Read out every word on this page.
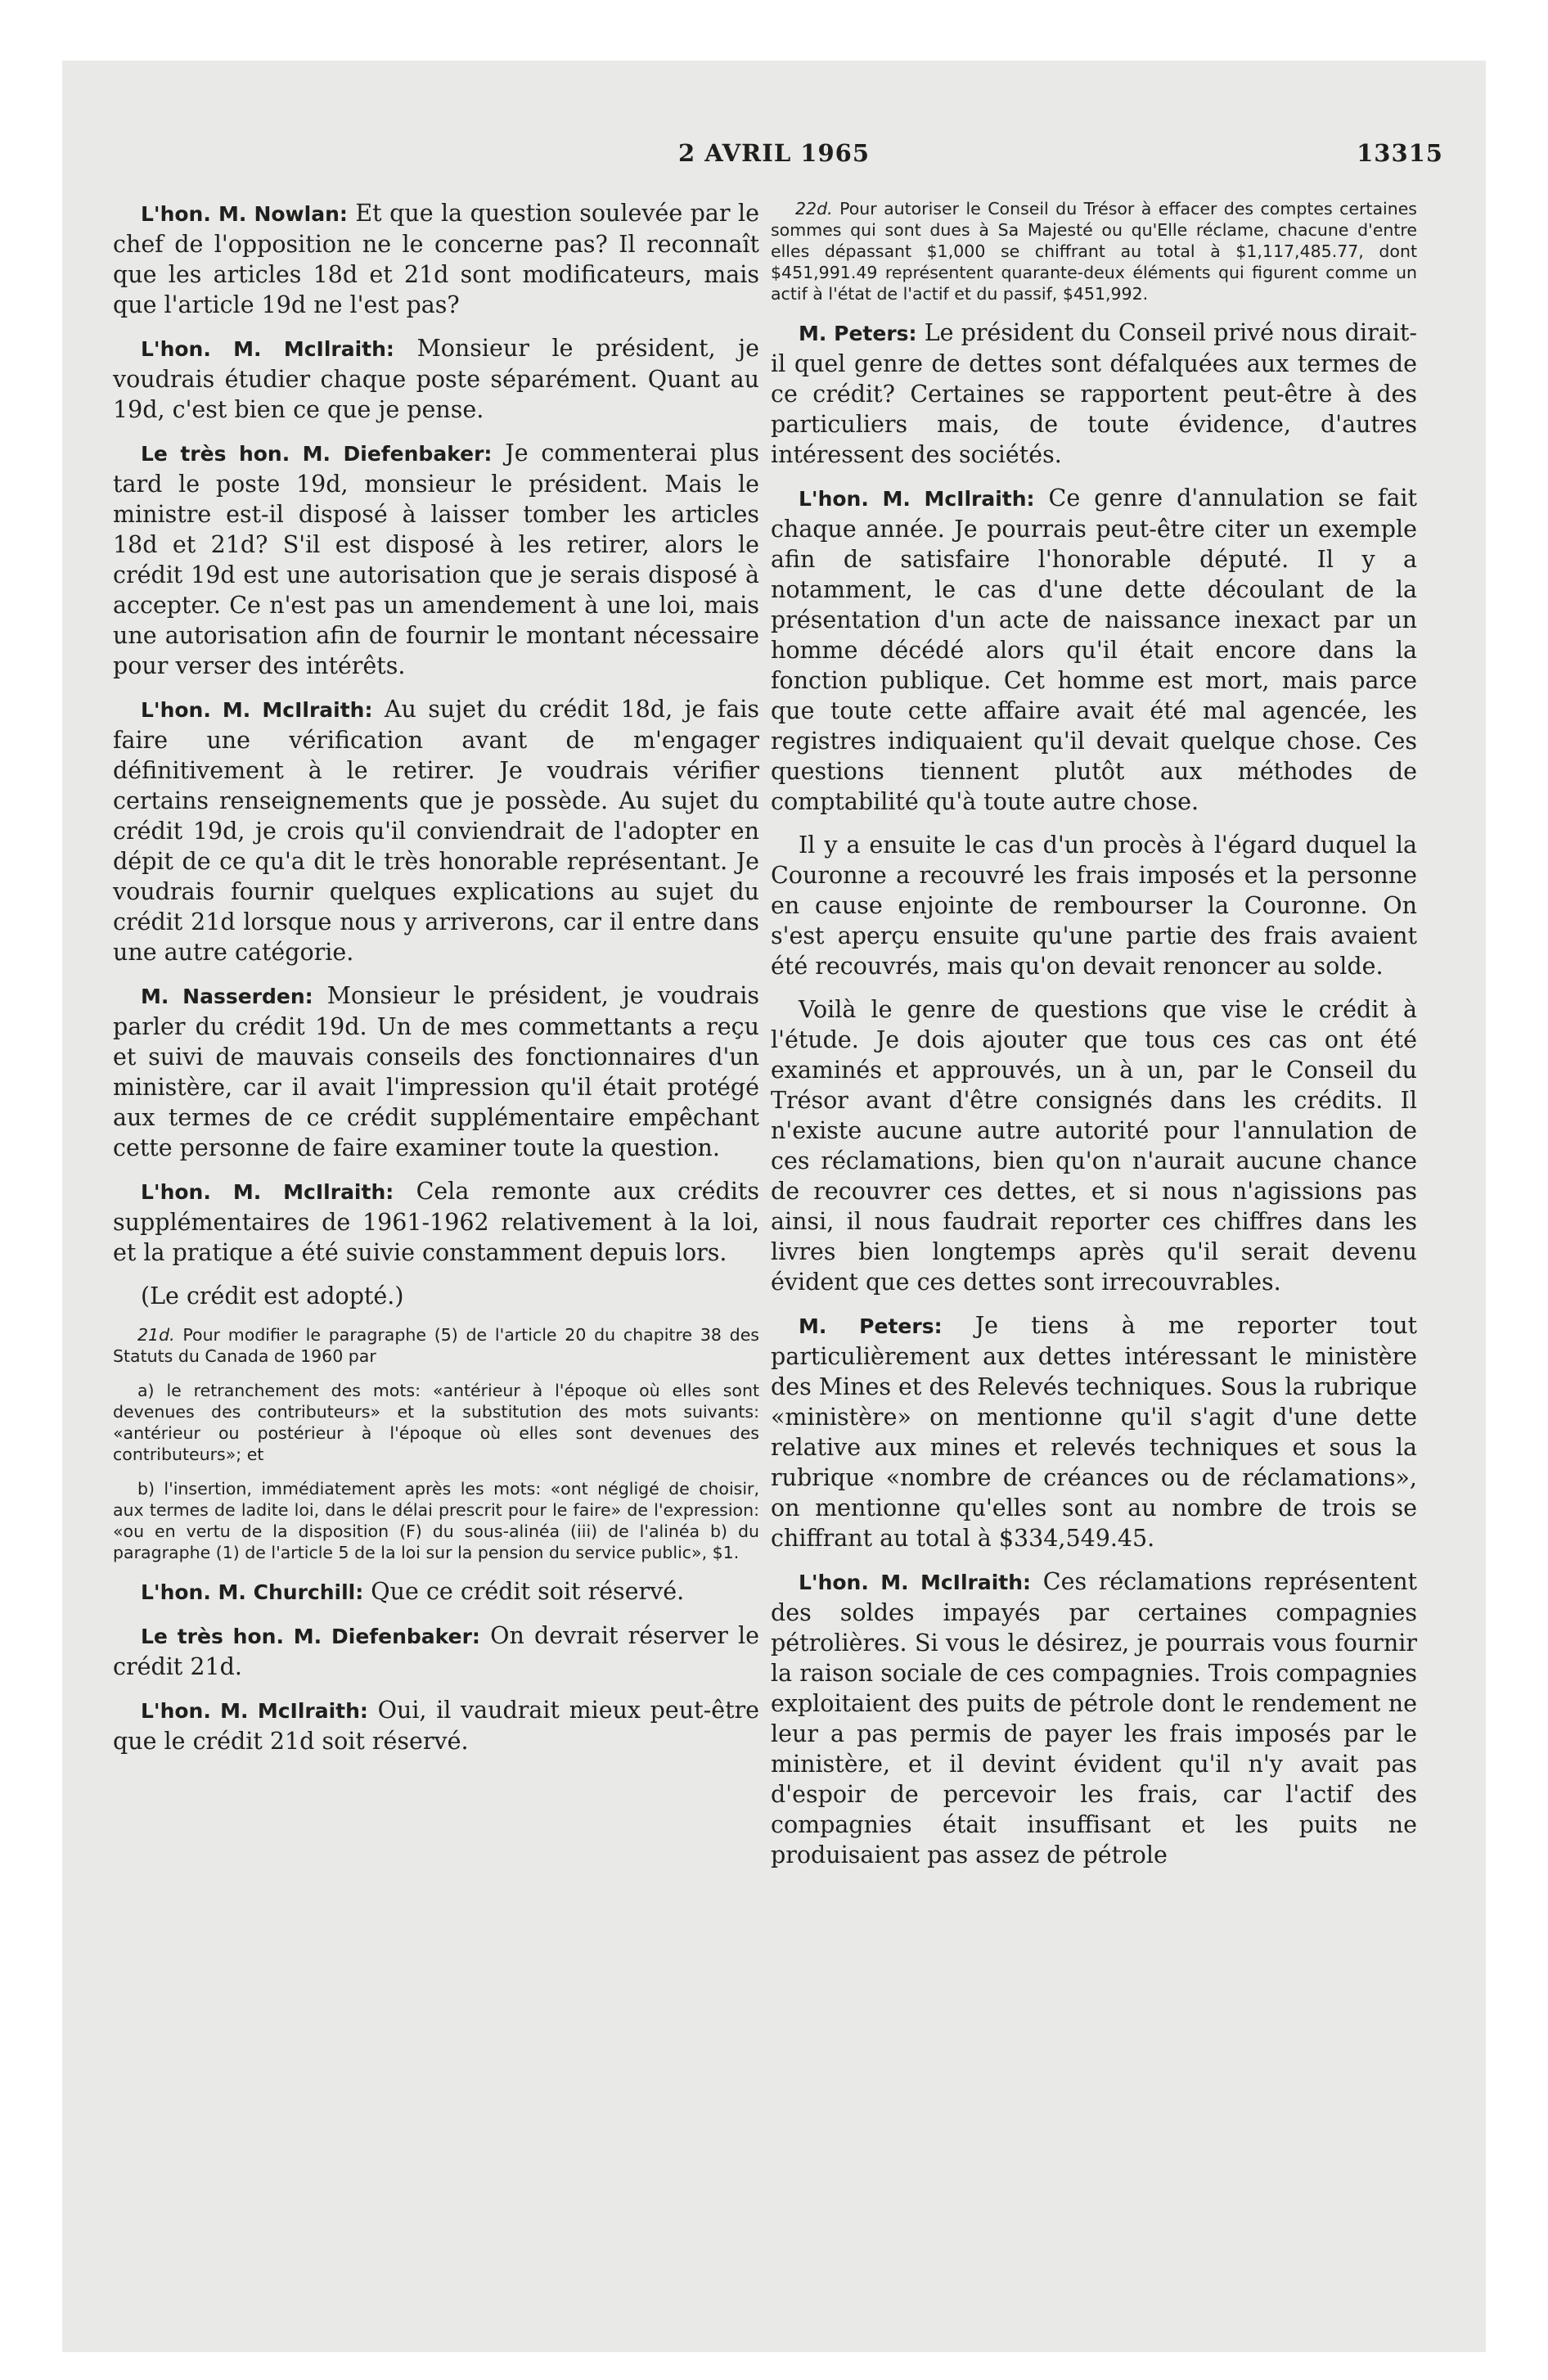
2 AVRIL 1965	13315

L'hon. M. Nowlan: Et que la question soulevée par le chef de l'opposition ne le concerne pas? Il reconnaît que les articles 18d et 21d sont modificateurs, mais que l'article 19d ne l'est pas?

L'hon. M. McIlraith: Monsieur le président, je voudrais étudier chaque poste séparément. Quant au 19d, c'est bien ce que je pense.

Le très hon. M. Diefenbaker: Je commenterai plus tard le poste 19d, monsieur le président. Mais le ministre est-il disposé à laisser tomber les articles 18d et 21d? S'il est disposé à les retirer, alors le crédit 19d est une autorisation que je serais disposé à accepter. Ce n'est pas un amendement à une loi, mais une autorisation afin de fournir le montant nécessaire pour verser des intérêts.

L'hon. M. McIlraith: Au sujet du crédit 18d, je fais faire une vérification avant de m'engager définitivement à le retirer. Je voudrais vérifier certains renseignements que je possède. Au sujet du crédit 19d, je crois qu'il conviendrait de l'adopter en dépit de ce qu'a dit le très honorable représentant. Je voudrais fournir quelques explications au sujet du crédit 21d lorsque nous y arriverons, car il entre dans une autre catégorie.

M. Nasserden: Monsieur le président, je voudrais parler du crédit 19d. Un de mes commettants a reçu et suivi de mauvais conseils des fonctionnaires d'un ministère, car il avait l'impression qu'il était protégé aux termes de ce crédit supplémentaire empêchant cette personne de faire examiner toute la question.

L'hon. M. McIlraith: Cela remonte aux crédits supplémentaires de 1961-1962 relativement à la loi, et la pratique a été suivie constamment depuis lors.

(Le crédit est adopté.)

21d. Pour modifier le paragraphe (5) de l'article 20 du chapitre 38 des Statuts du Canada de 1960 par

a) le retranchement des mots: «antérieur à l'époque où elles sont devenues des contributeurs» et la substitution des mots suivants: «antérieur ou postérieur à l'époque où elles sont devenues des contributeurs»; et

b) l'insertion, immédiatement après les mots: «ont négligé de choisir, aux termes de ladite loi, dans le délai prescrit pour le faire» de l'expression: «ou en vertu de la disposition (F) du sous-alinéa (iii) de l'alinéa b) du paragraphe (1) de l'article 5 de la loi sur la pension du service public», $1.

L'hon. M. Churchill: Que ce crédit soit réservé.

Le très hon. M. Diefenbaker: On devrait réserver le crédit 21d.

L'hon. M. McIlraith: Oui, il vaudrait mieux peut-être que le crédit 21d soit réservé.

22d. Pour autoriser le Conseil du Trésor à effacer des comptes certaines sommes qui sont dues à Sa Majesté ou qu'Elle réclame, chacune d'entre elles dépassant $1,000 se chiffrant au total à $1,117,485.77, dont $451,991.49 représentent quarante-deux éléments qui figurent comme un actif à l'état de l'actif et du passif, $451,992.

M. Peters: Le président du Conseil privé nous dirait-il quel genre de dettes sont défalquées aux termes de ce crédit? Certaines se rapportent peut-être à des particuliers mais, de toute évidence, d'autres intéressent des sociétés.

L'hon. M. McIlraith: Ce genre d'annulation se fait chaque année. Je pourrais peut-être citer un exemple afin de satisfaire l'honorable député. Il y a notamment, le cas d'une dette découlant de la présentation d'un acte de naissance inexact par un homme décédé alors qu'il était encore dans la fonction publique. Cet homme est mort, mais parce que toute cette affaire avait été mal agencée, les registres indiquaient qu'il devait quelque chose. Ces questions tiennent plutôt aux méthodes de comptabilité qu'à toute autre chose.

Il y a ensuite le cas d'un procès à l'égard duquel la Couronne a recouvré les frais imposés et la personne en cause enjointe de rembourser la Couronne. On s'est aperçu ensuite qu'une partie des frais avaient été recouvrés, mais qu'on devait renoncer au solde.

Voilà le genre de questions que vise le crédit à l'étude. Je dois ajouter que tous ces cas ont été examinés et approuvés, un à un, par le Conseil du Trésor avant d'être consignés dans les crédits. Il n'existe aucune autre autorité pour l'annulation de ces réclamations, bien qu'on n'aurait aucune chance de recouvrer ces dettes, et si nous n'agissions pas ainsi, il nous faudrait reporter ces chiffres dans les livres bien longtemps après qu'il serait devenu évident que ces dettes sont irrecouvrables.

M. Peters: Je tiens à me reporter tout particulièrement aux dettes intéressant le ministère des Mines et des Relevés techniques. Sous la rubrique «ministère» on mentionne qu'il s'agit d'une dette relative aux mines et relevés techniques et sous la rubrique «nombre de créances ou de réclamations», on mentionne qu'elles sont au nombre de trois se chiffrant au total à $334,549.45.

L'hon. M. McIlraith: Ces réclamations représentent des soldes impayés par certaines compagnies pétrolières. Si vous le désirez, je pourrais vous fournir la raison sociale de ces compagnies. Trois compagnies exploitaient des puits de pétrole dont le rendement ne leur a pas permis de payer les frais imposés par le ministère, et il devint évident qu'il n'y avait pas d'espoir de percevoir les frais, car l'actif des compagnies était insuffisant et les puits ne produisaient pas assez de pétrole
